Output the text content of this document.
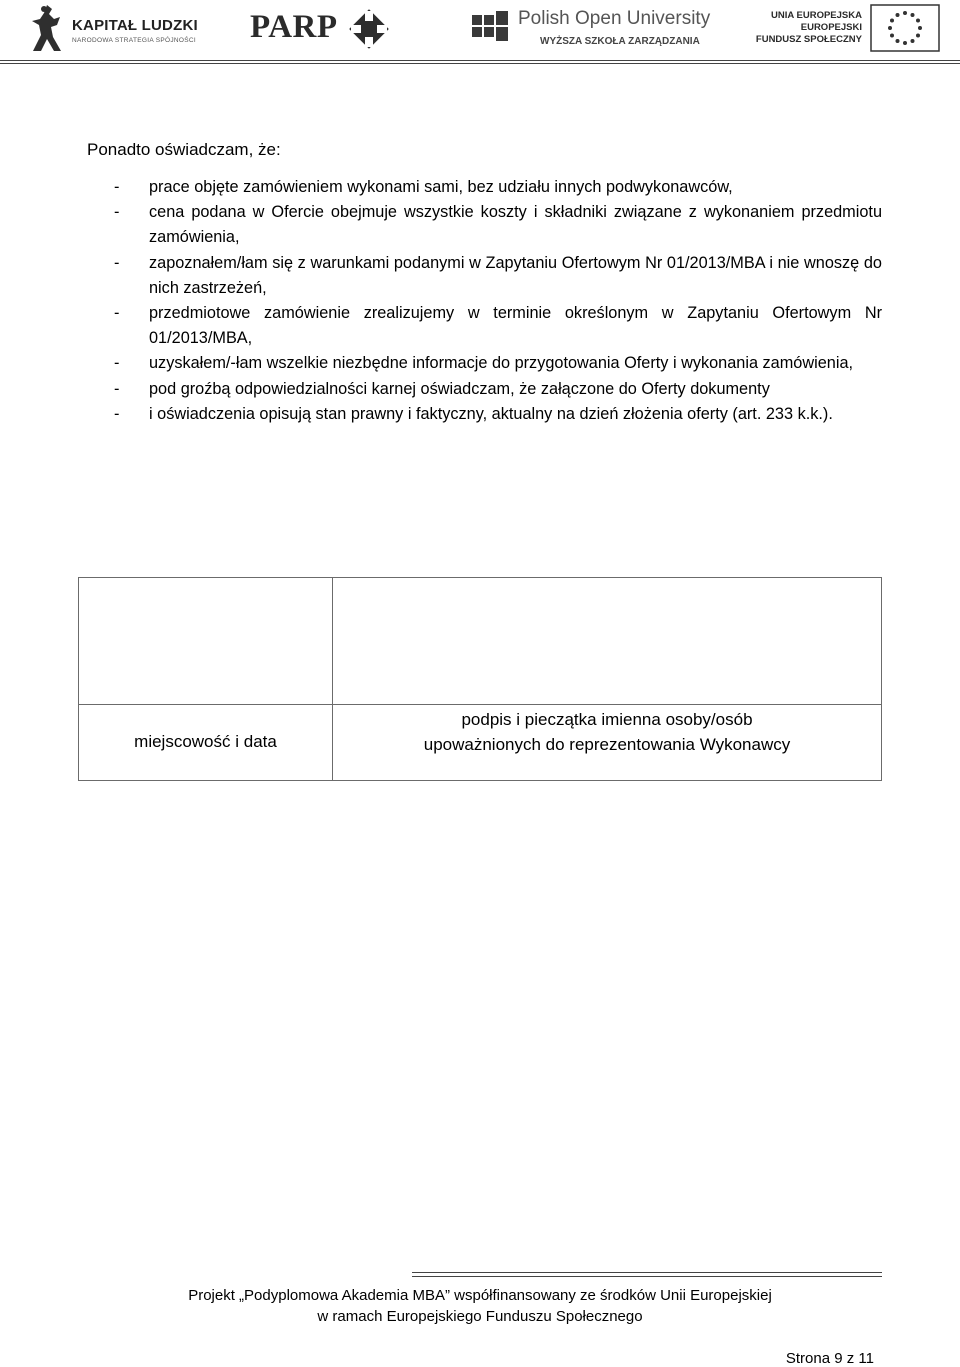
KAPITAŁ LUDZKI
NARODOWA STRATEGIA SPÓJNOŚCI PARP	Polish Open University
WYŻSZA SZKOŁA ZARZĄDZANIA
UNIA EUROPEJSKA
EUROPEJSKI
FUNDUSZ SPOŁECZNY
Ponadto oświadczam, że:
- prace objęte zamówieniem wykonami sami, bez udziału innych podwykonawców,
- cena podana w Ofercie obejmuje wszystkie koszty i składniki związane z wykonaniem przedmiotu zamówienia,
- zapoznałem/łam się z warunkami podanymi w Zapytaniu Ofertowym Nr 01/2013/MBA i nie wnoszę do nich zastrzeżeń,
- przedmiotowe zamówienie zrealizujemy w terminie określonym w Zapytaniu Ofertowym Nr 01/2013/MBA,
- uzyskałem/-łam wszelkie niezbędne informacje do przygotowania Oferty i wykonania zamówienia,
- pod groźbą odpowiedzialności karnej oświadczam, że załączone do Oferty dokumenty
- i oświadczenia opisują stan prawny i faktyczny, aktualny na dzień złożenia oferty (art. 233 k.k.).
miejscowość i data
podpis i pieczątka imienna osoby/osób
upoważnionych do reprezentowania Wykonawcy
Projekt „Podyplomowa Akademia MBA” współfinansowany ze środków Unii Europejskiej
w ramach Europejskiego Funduszu Społecznego
Strona 9 z 11
